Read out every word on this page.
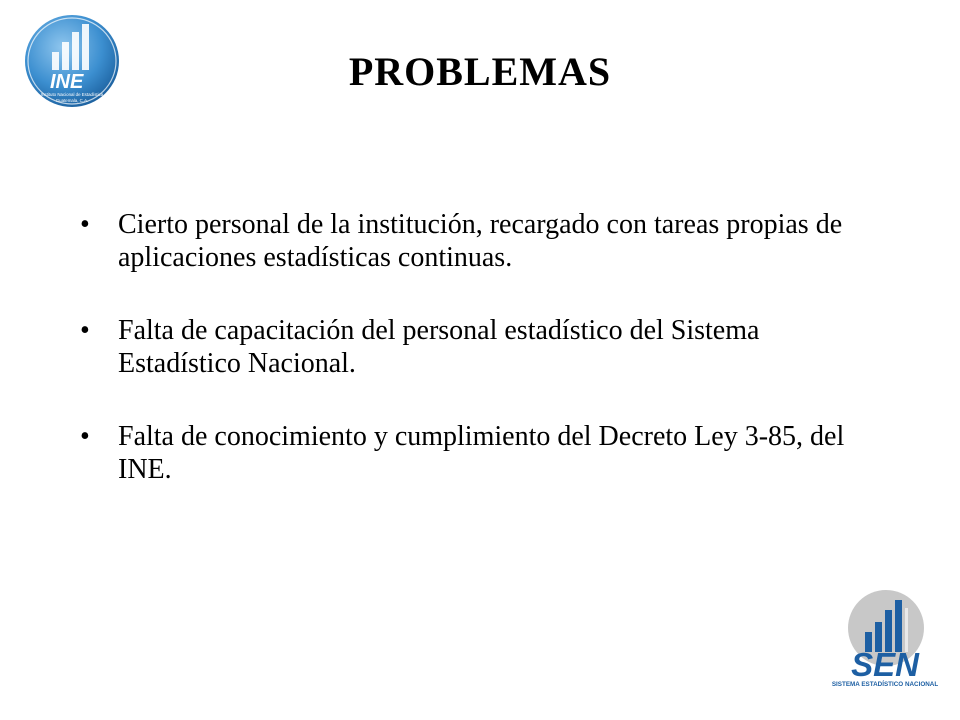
INE
Instituto Nacional de Estadística
Guatemala, C.A.
PROBLEMAS
• Cierto personal de la institución, recargado con tareas propias de aplicaciones estadísticas continuas.
• Falta de capacitación del personal estadístico del Sistema Estadístico Nacional.
• Falta de conocimiento y cumplimiento del Decreto Ley 3-85, del INE.
SEN
SISTEMA ESTADÍSTICO NACIONAL
